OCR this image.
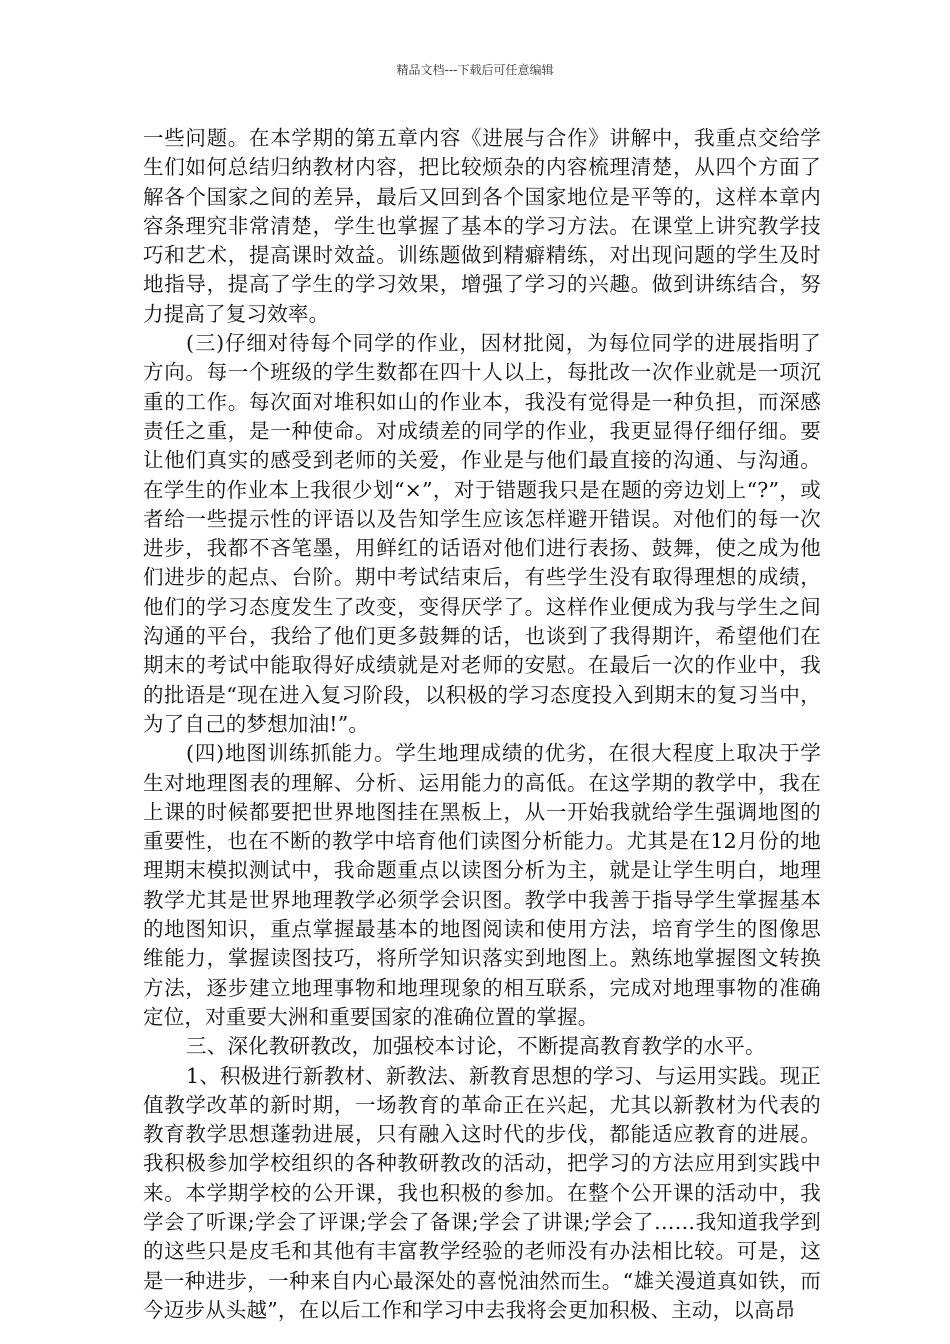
精品文档---下载后可任意编辑

一些问题。在本学期的第五章内容《进展与合作》讲解中，我重点交给学生们如何总结归纳教材内容，把比较烦杂的内容梳理清楚，从四个方面了解各个国家之间的差异，最后又回到各个国家地位是平等的，这样本章内容条理究非常清楚，学生也掌握了基本的学习方法。在课堂上讲究教学技巧和艺术，提高课时效益。训练题做到精癖精练，对出现问题的学生及时地指导，提高了学生的学习效果，增强了学习的兴趣。做到讲练结合，努力提高了复习效率。

(三)仔细对待每个同学的作业，因材批阅，为每位同学的进展指明了方向。每一个班级的学生数都在四十人以上，每批改一次作业就是一项沉重的工作。每次面对堆积如山的作业本，我没有觉得是一种负担，而深感责任之重，是一种使命。对成绩差的同学的作业，我更显得仔细仔细。要让他们真实的感受到老师的关爱，作业是与他们最直接的沟通、与沟通。在学生的作业本上我很少划“×”，对于错题我只是在题的旁边划上“?”，或者给一些提示性的评语以及告知学生应该怎样避开错误。对他们的每一次进步，我都不吝笔墨，用鲜红的话语对他们进行表扬、鼓舞，使之成为他们进步的起点、台阶。期中考试结束后，有些学生没有取得理想的成绩，他们的学习态度发生了改变，变得厌学了。这样作业便成为我与学生之间沟通的平台，我给了他们更多鼓舞的话，也谈到了我得期许，希望他们在期末的考试中能取得好成绩就是对老师的安慰。在最后一次的作业中，我的批语是“现在进入复习阶段，以积极的学习态度投入到期末的复习当中，为了自己的梦想加油!”。

(四)地图训练抓能力。学生地理成绩的优劣，在很大程度上取决于学生对地理图表的理解、分析、运用能力的高低。在这学期的教学中，我在上课的时候都要把世界地图挂在黑板上，从一开始我就给学生强调地图的重要性，也在不断的教学中培育他们读图分析能力。尤其是在12月份的地理期末模拟测试中，我命题重点以读图分析为主，就是让学生明白，地理教学尤其是世界地理教学必须学会识图。教学中我善于指导学生掌握基本的地图知识，重点掌握最基本的地图阅读和使用方法，培育学生的图像思维能力，掌握读图技巧，将所学知识落实到地图上。熟练地掌握图文转换方法，逐步建立地理事物和地理现象的相互联系，完成对地理事物的准确定位，对重要大洲和重要国家的准确位置的掌握。

三、深化教研教改，加强校本讨论，不断提高教育教学的水平。

1、积极进行新教材、新教法、新教育思想的学习、与运用实践。现正值教学改革的新时期，一场教育的革命正在兴起，尤其以新教材为代表的教育教学思想蓬勃进展，只有融入这时代的步伐，都能适应教育的进展。我积极参加学校组织的各种教研教改的活动，把学习的方法应用到实践中来。本学期学校的公开课，我也积极的参加。在整个公开课的活动中，我学会了听课;学会了评课;学会了备课;学会了讲课;学会了……我知道我学到的这些只是皮毛和其他有丰富教学经验的老师没有办法相比较。可是，这是一种进步，一种来自内心最深处的喜悦油然而生。“雄关漫道真如铁，而今迈步从头越”，在以后工作和学习中去我将会更加积极、主动，以高昂
